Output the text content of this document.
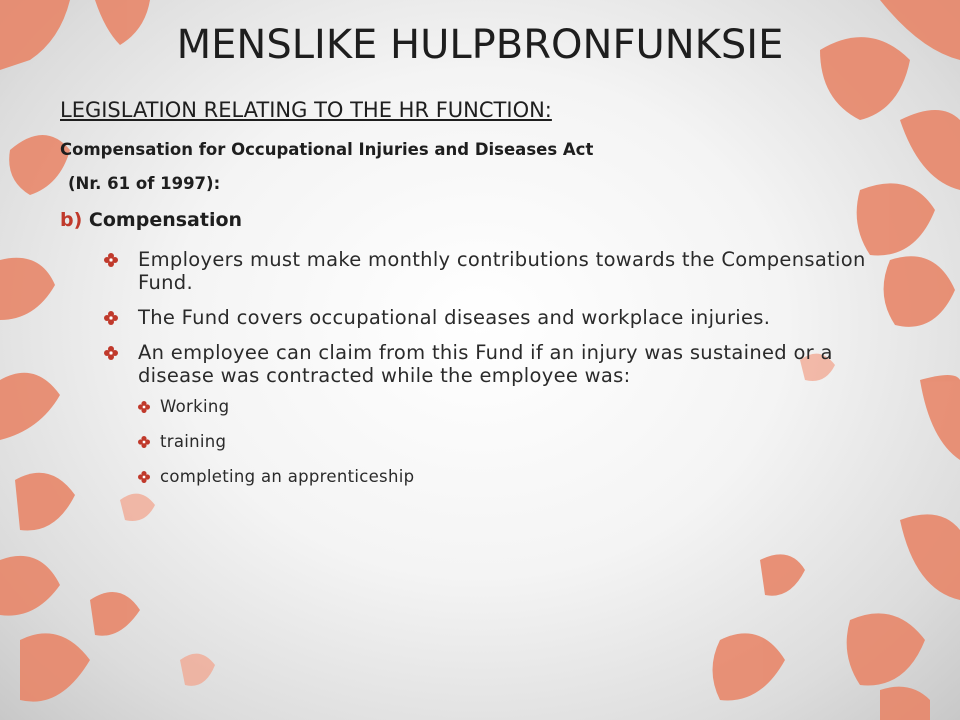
MENSLIKE HULPBRONFUNKSIE
LEGISLATION RELATING TO THE HR FUNCTION:
Compensation for Occupational Injuries and Diseases Act
(Nr. 61 of 1997):
b) Compensation
Employers must make monthly contributions towards the Compensation Fund.
The Fund covers occupational diseases and workplace injuries.
An employee can claim from this Fund if an injury was sustained or a disease was contracted while the employee was:
Working
training
completing an apprenticeship
